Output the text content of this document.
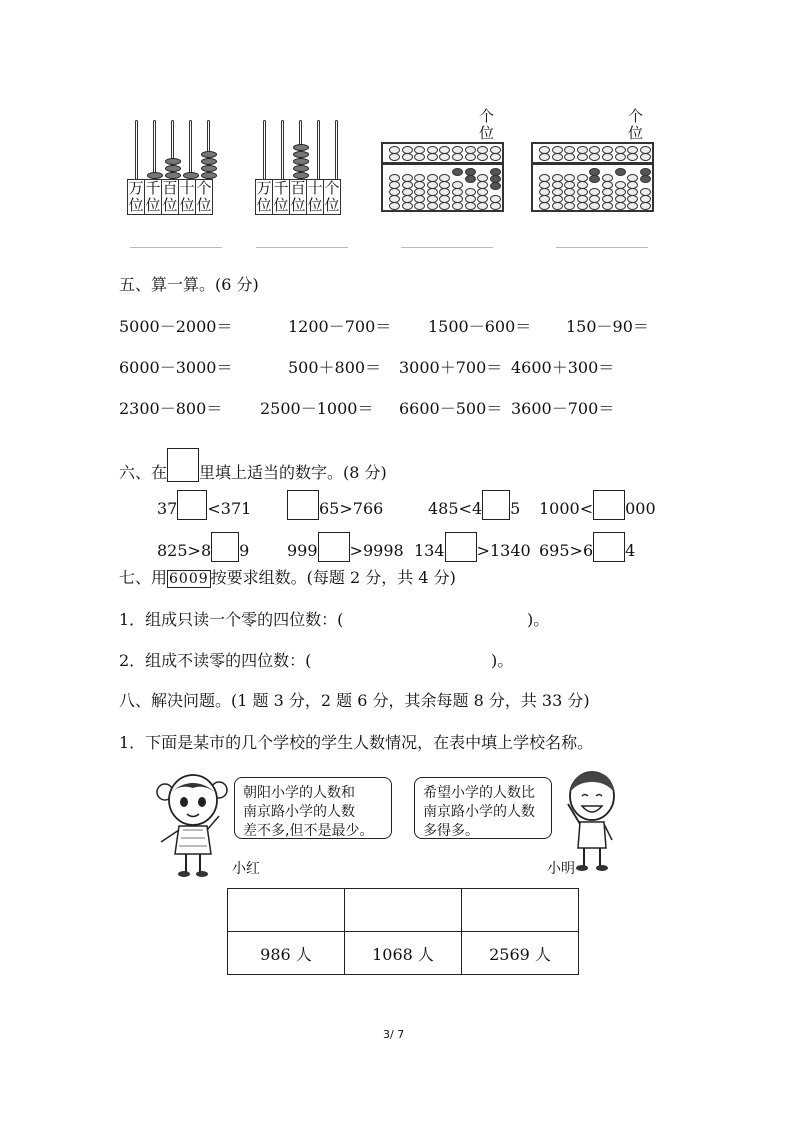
万位
千位
百位
十位
个位
万位
千位
百位
十位
个位
个位
个位
五、算一算。(6 分)
5000－2000＝	1200－700＝ 1500－600＝ 150－90＝
6000－3000＝	500＋800＝ 3000＋700＝ 4600＋300＝
2300－800＝ 2500－1000＝ 6600－500＝ 3600－700＝
六、在 里填上适当的数字。(8 分)
37 <371	65>766	485<4 5 1000< 000
825>8 9 999 >9998 134 >1340 695>6 4
七、用 6009 按要求组数。(每题 2 分，共 4 分)
1．组成只读一个零的四位数：(	)。
2．组成不读零的四位数：(	)。
八、解决问题。(1 题 3 分，2 题 6 分，其余每题 8 分，共 33 分)
1．下面是某市的几个学校的学生人数情况，在表中填上学校名称。
小红
朝阳小学的人数和
南京路小学的人数
差不多,但不是最少。
希望小学的人数比
南京路小学的人数
多得多。
小明

986 人	1068 人	2569 人
3/ 7
